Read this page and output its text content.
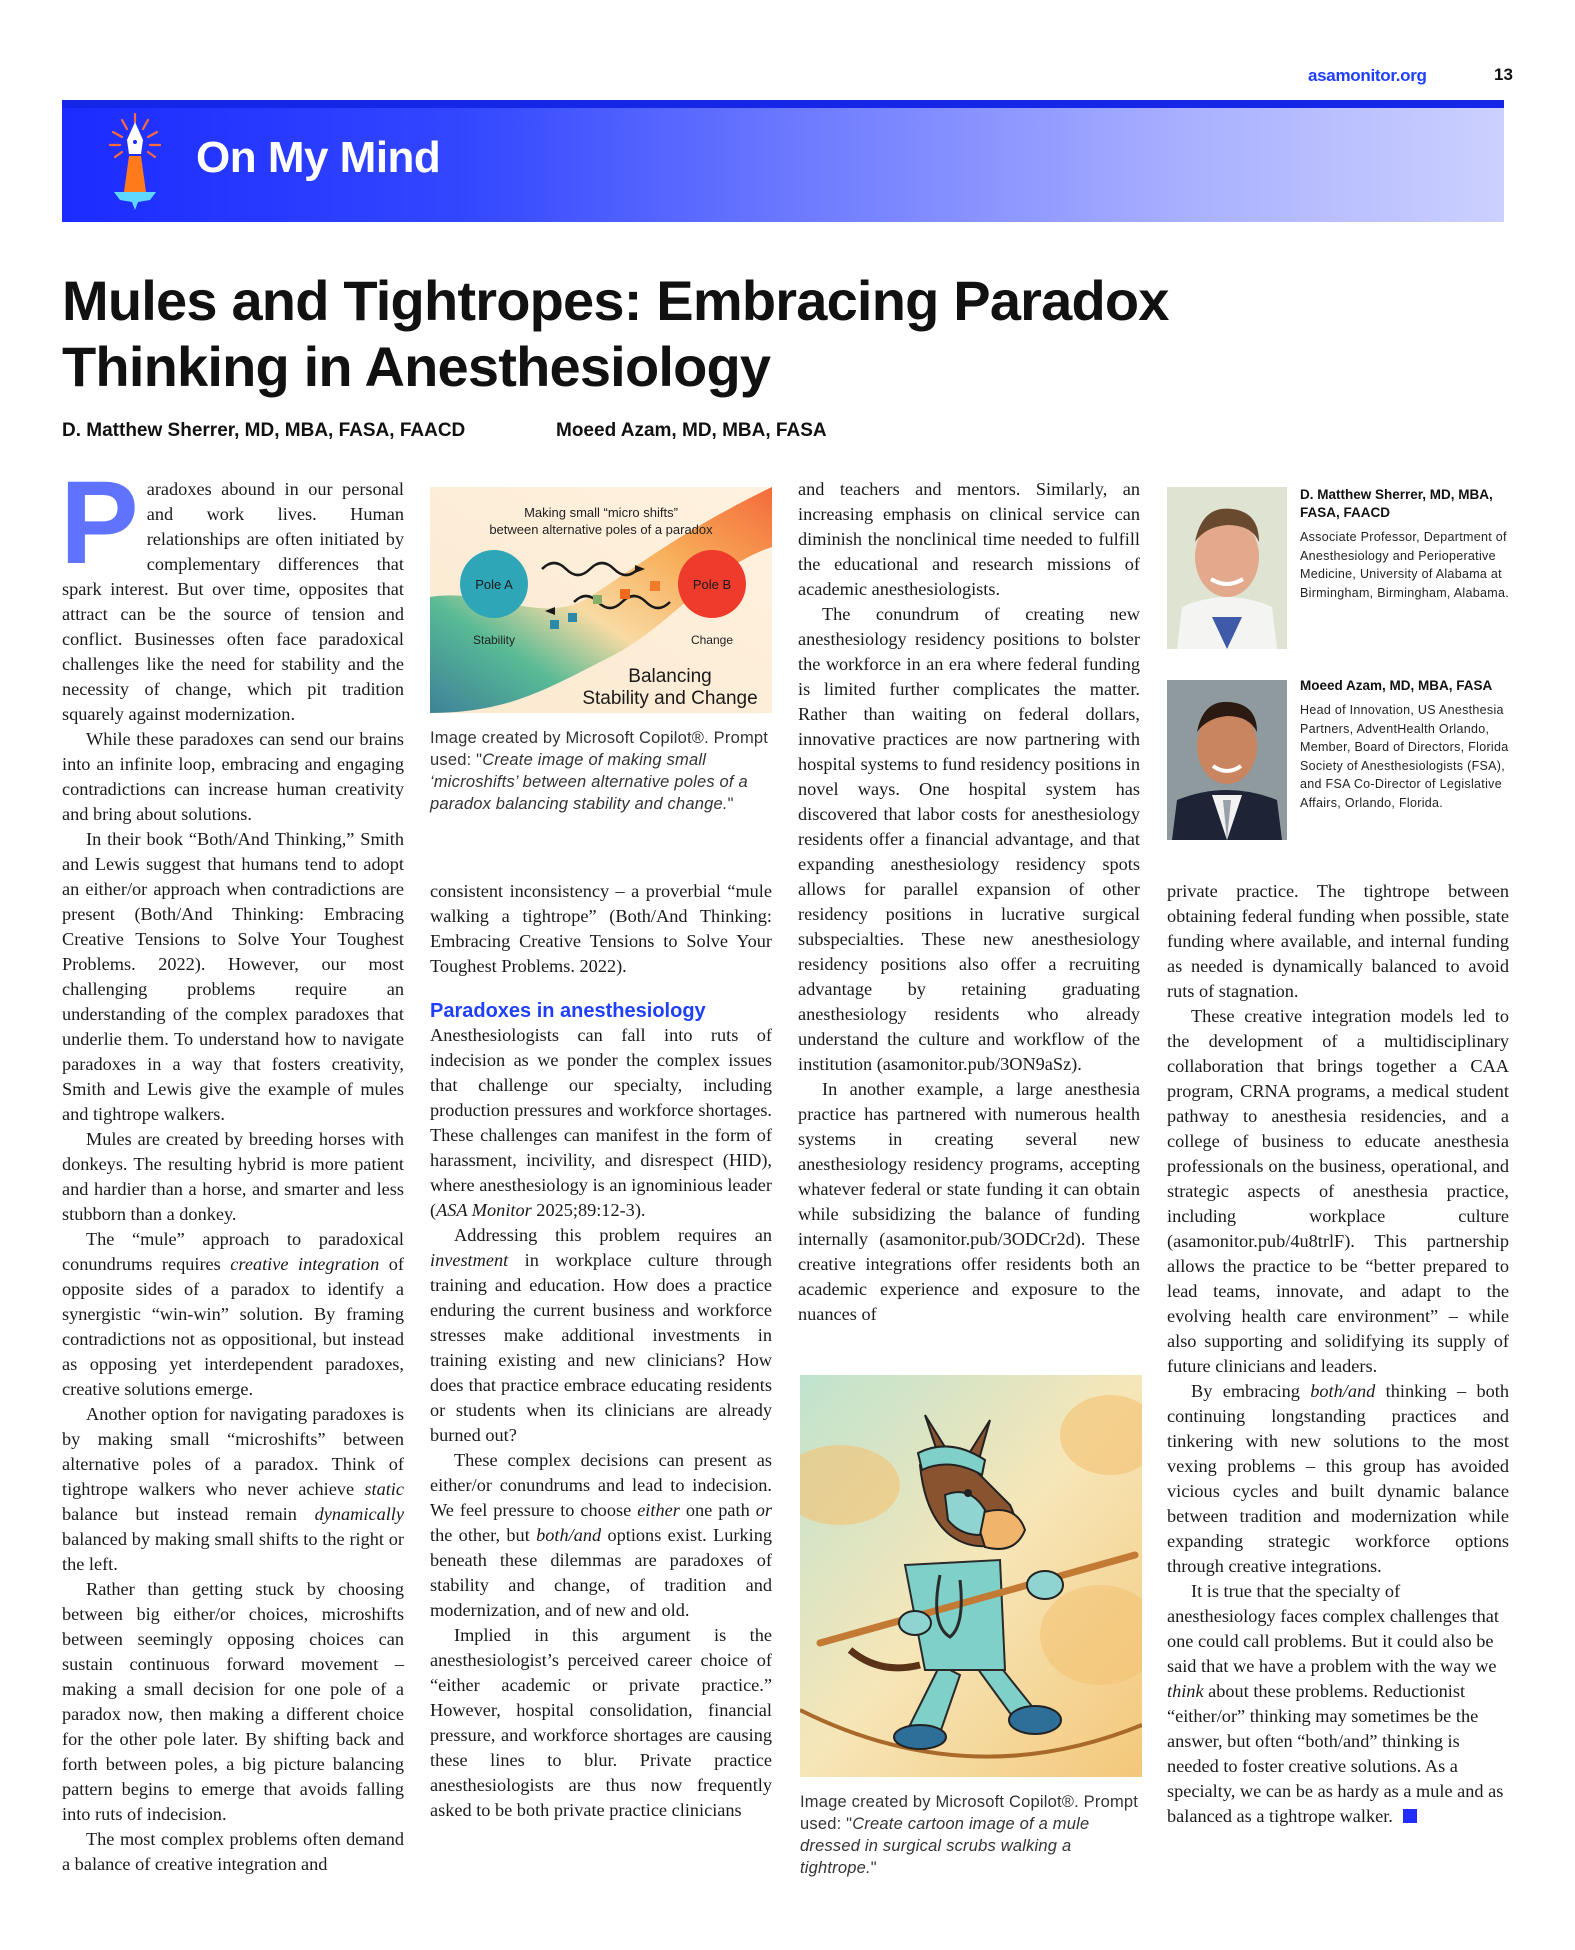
asamonitor.org	13
On My Mind
Mules and Tightropes: Embracing Paradox
Thinking in Anesthesiology
D. Matthew Sherrer, MD, MBA, FASA, FAACD	Moeed Azam, MD, MBA, FASA

Paradoxes abound in our personal and work lives. Human relationships are often initiated by complementary differences that spark interest. But over time, opposites that attract can be the source of tension and conflict. Businesses often face paradoxical challenges like the need for stability and the necessity of change, which pit tradition squarely against modernization.

While these paradoxes can send our brains into an infinite loop, embracing and engaging contradictions can increase human creativity and bring about solutions.

In their book “Both/And Thinking,” Smith and Lewis suggest that humans tend to adopt an either/or approach when contradictions are present (Both/And Thinking: Embracing Creative Tensions to Solve Your Toughest Problems. 2022). However, our most challenging problems require an understanding of the complex paradoxes that underlie them. To understand how to navigate paradoxes in a way that fosters creativity, Smith and Lewis give the example of mules and tightrope walkers.

Mules are created by breeding horses with donkeys. The resulting hybrid is more patient and hardier than a horse, and smarter and less stubborn than a donkey.

The “mule” approach to paradoxical conundrums requires creative integration of opposite sides of a paradox to identify a synergistic “win-win” solution. By framing contradictions not as oppositional, but instead as opposing yet interdependent paradoxes, creative solutions emerge.

Another option for navigating paradoxes is by making small “microshifts” between alternative poles of a paradox. Think of tightrope walkers who never achieve static balance but instead remain dynamically balanced by making small shifts to the right or the left.

Rather than getting stuck by choosing between big either/or choices, microshifts between seemingly opposing choices can sustain continuous forward movement – making a small decision for one pole of a paradox now, then making a different choice for the other pole later. By shifting back and forth between poles, a big picture balancing pattern begins to emerge that avoids falling into ruts of indecision.

The most complex problems often demand a balance of creative integration and

Making small “micro shifts”
between alternative poles of a paradox
Pole A	Pole B
Stability	Change
Balancing
Stability and Change
Image created by Microsoft Copilot®. Prompt used: "Create image of making small ‘microshifts’ between alternative poles of a paradox balancing stability and change."

consistent inconsistency – a proverbial “mule walking a tightrope” (Both/And Thinking: Embracing Creative Tensions to Solve Your Toughest Problems. 2022).

Paradoxes in anesthesiology

Anesthesiologists can fall into ruts of indecision as we ponder the complex issues that challenge our specialty, including production pressures and workforce shortages. These challenges can manifest in the form of harassment, incivility, and disrespect (HID), where anesthesiology is an ignominious leader (ASA Monitor 2025;89:12-3).

Addressing this problem requires an investment in workplace culture through training and education. How does a practice enduring the current business and workforce stresses make additional investments in training existing and new clinicians? How does that practice embrace educating residents or students when its clinicians are already burned out?

These complex decisions can present as either/or conundrums and lead to indecision. We feel pressure to choose either one path or the other, but both/and options exist. Lurking beneath these dilemmas are paradoxes of stability and change, of tradition and modernization, and of new and old.

Implied in this argument is the anesthesiologist’s perceived career choice of “either academic or private practice.” However, hospital consolidation, financial pressure, and workforce shortages are causing these lines to blur. Private practice anesthesiologists are thus now frequently asked to be both private practice clinicians

and teachers and mentors. Similarly, an increasing emphasis on clinical service can diminish the nonclinical time needed to fulfill the educational and research missions of academic anesthesiologists.

The conundrum of creating new anesthesiology residency positions to bolster the workforce in an era where federal funding is limited further complicates the matter. Rather than waiting on federal dollars, innovative practices are now partnering with hospital systems to fund residency positions in novel ways. One hospital system has discovered that labor costs for anesthesiology residents offer a financial advantage, and that expanding anesthesiology residency spots allows for parallel expansion of other residency positions in lucrative surgical subspecialties. These new anesthesiology residency positions also offer a recruiting advantage by retaining graduating anesthesiology residents who already understand the culture and workflow of the institution (asamonitor.pub/3ON9aSz).

In another example, a large anesthesia practice has partnered with numerous health systems in creating several new anesthesiology residency programs, accepting whatever federal or state funding it can obtain while subsidizing the balance of funding internally (asamonitor.pub/3ODCr2d). These creative integrations offer residents both an academic experience and exposure to the nuances of

Image created by Microsoft Copilot®. Prompt used: "Create cartoon image of a mule dressed in surgical scrubs walking a tightrope."
D. Matthew Sherrer, MD, MBA, FASA, FAACD
Associate Professor, Department of Anesthesiology and Perioperative Medicine, University of Alabama at Birmingham, Birmingham, Alabama.
Moeed Azam, MD, MBA, FASA
Head of Innovation, US Anesthesia Partners, AdventHealth Orlando, Member, Board of Directors, Florida Society of Anesthesiologists (FSA), and FSA Co-Director of Legislative Affairs, Orlando, Florida.

private practice. The tightrope between obtaining federal funding when possible, state funding where available, and internal funding as needed is dynamically balanced to avoid ruts of stagnation.

These creative integration models led to the development of a multidisciplinary collaboration that brings together a CAA program, CRNA programs, a medical student pathway to anesthesia residencies, and a college of business to educate anesthesia professionals on the business, operational, and strategic aspects of anesthesia practice, including workplace culture (asamonitor.pub/4u8trlF). This partnership allows the practice to be “better prepared to lead teams, innovate, and adapt to the evolving health care environment” – while also supporting and solidifying its supply of future clinicians and leaders.

By embracing both/and thinking – both continuing longstanding practices and tinkering with new solutions to the most vexing problems – this group has avoided vicious cycles and built dynamic balance between tradition and modernization while expanding strategic workforce options through creative integrations.

It is true that the specialty of anesthesiology faces complex challenges that one could call problems. But it could also be said that we have a problem with the way we think about these problems. Reductionist “either/or” thinking may sometimes be the answer, but often “both/and” thinking is needed to foster creative solutions. As a specialty, we can be as hardy as a mule and as balanced as a tightrope walker.
